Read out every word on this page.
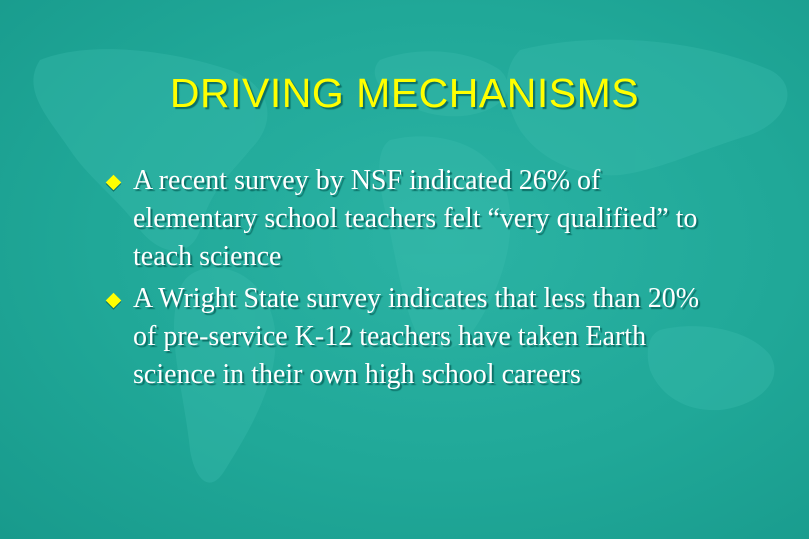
DRIVING MECHANISMS
A recent survey by NSF indicated 26% of elementary school teachers felt “very qualified” to teach science
A Wright State survey indicates that less than 20% of pre-service K-12 teachers have taken Earth science in their own high school careers
